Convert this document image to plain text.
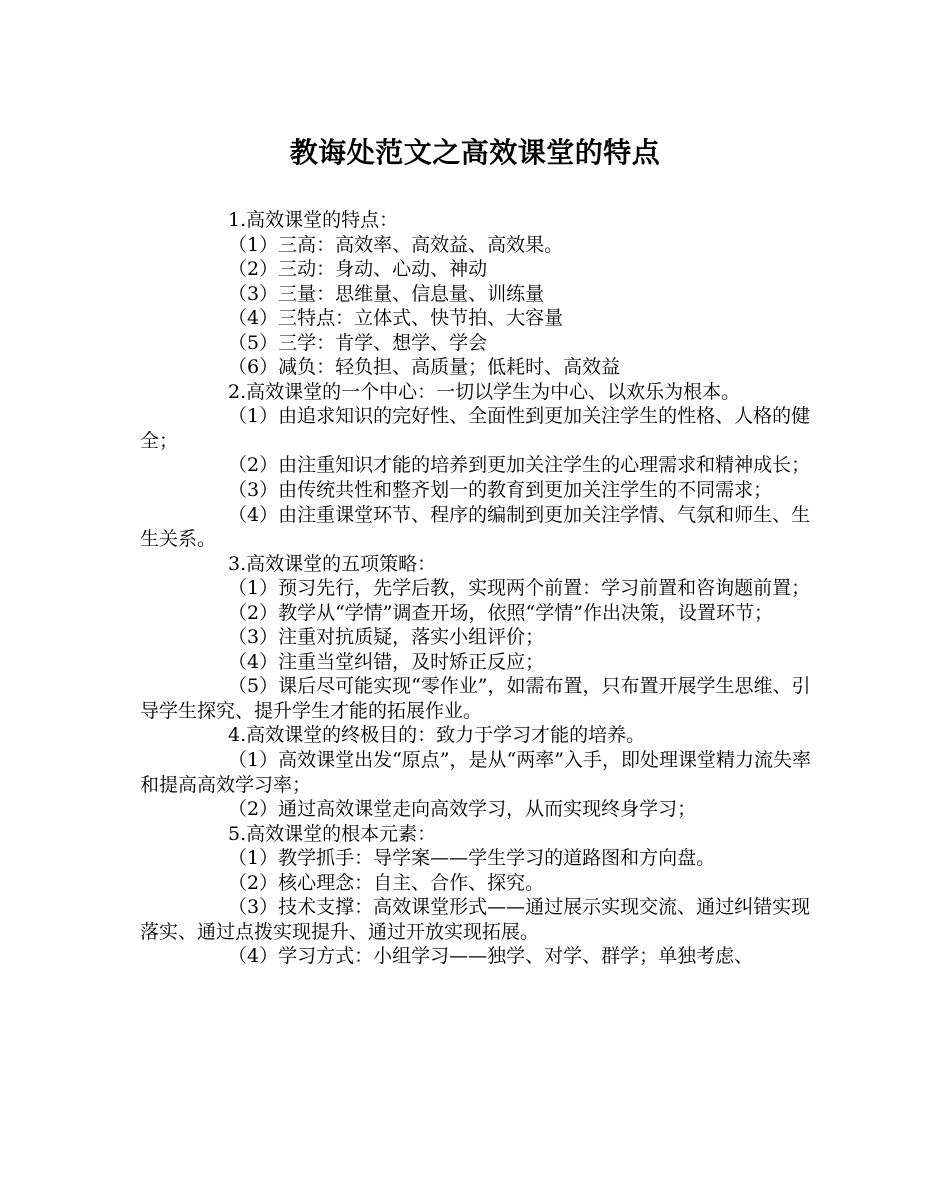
教诲处范文之高效课堂的特点

1.高效课堂的特点：

（1）三高：高效率、高效益、高效果。

（2）三动：身动、心动、神动

（3）三量：思维量、信息量、训练量

（4）三特点：立体式、快节拍、大容量

（5）三学：肯学、想学、学会

（6）减负：轻负担、高质量；低耗时、高效益

2.高效课堂的一个中心：一切以学生为中心、以欢乐为根本。

（1）由追求知识的完好性、全面性到更加关注学生的性格、人格的健全；

（2）由注重知识才能的培养到更加关注学生的心理需求和精神成长；

（3）由传统共性和整齐划一的教育到更加关注学生的不同需求；

（4）由注重课堂环节、程序的编制到更加关注学情、气氛和师生、生生关系。

3.高效课堂的五项策略：

（1）预习先行，先学后教，实现两个前置：学习前置和咨询题前置；

（2）教学从“学情”调查开场，依照“学情”作出决策，设置环节；

（3）注重对抗质疑，落实小组评价；

（4）注重当堂纠错，及时矫正反应；

（5）课后尽可能实现“零作业”，如需布置，只布置开展学生思维、引导学生探究、提升学生才能的拓展作业。

4.高效课堂的终极目的：致力于学习才能的培养。

（1）高效课堂出发“原点”，是从“两率”入手，即处理课堂精力流失率和提高高效学习率；

（2）通过高效课堂走向高效学习，从而实现终身学习；

5.高效课堂的根本元素：

（1）教学抓手：导学案——学生学习的道路图和方向盘。

（2）核心理念：自主、合作、探究。

（3）技术支撑：高效课堂形式——通过展示实现交流、通过纠错实现落实、通过点拨实现提升、通过开放实现拓展。

（4）学习方式：小组学习——独学、对学、群学；单独考虑、
